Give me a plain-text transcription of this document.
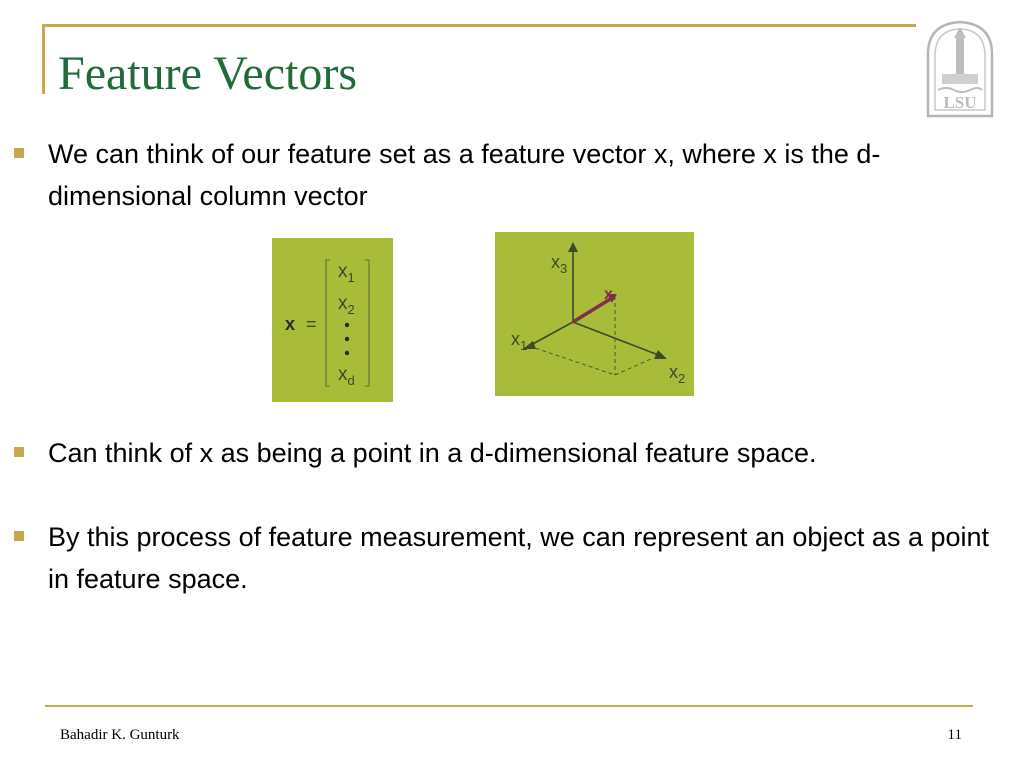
Feature Vectors
LSU
We can think of our feature set as a feature vector x, where x is the d-dimensional column vector
x =
$x_1$
$x_2$
$x_d$
x
$x_3$
$x_1$
$x_2$
Can think of x as being a point in a d-dimensional feature space.
By this process of feature measurement, we can represent an object as a point in feature space.
Bahadir K. Gunturk	11
